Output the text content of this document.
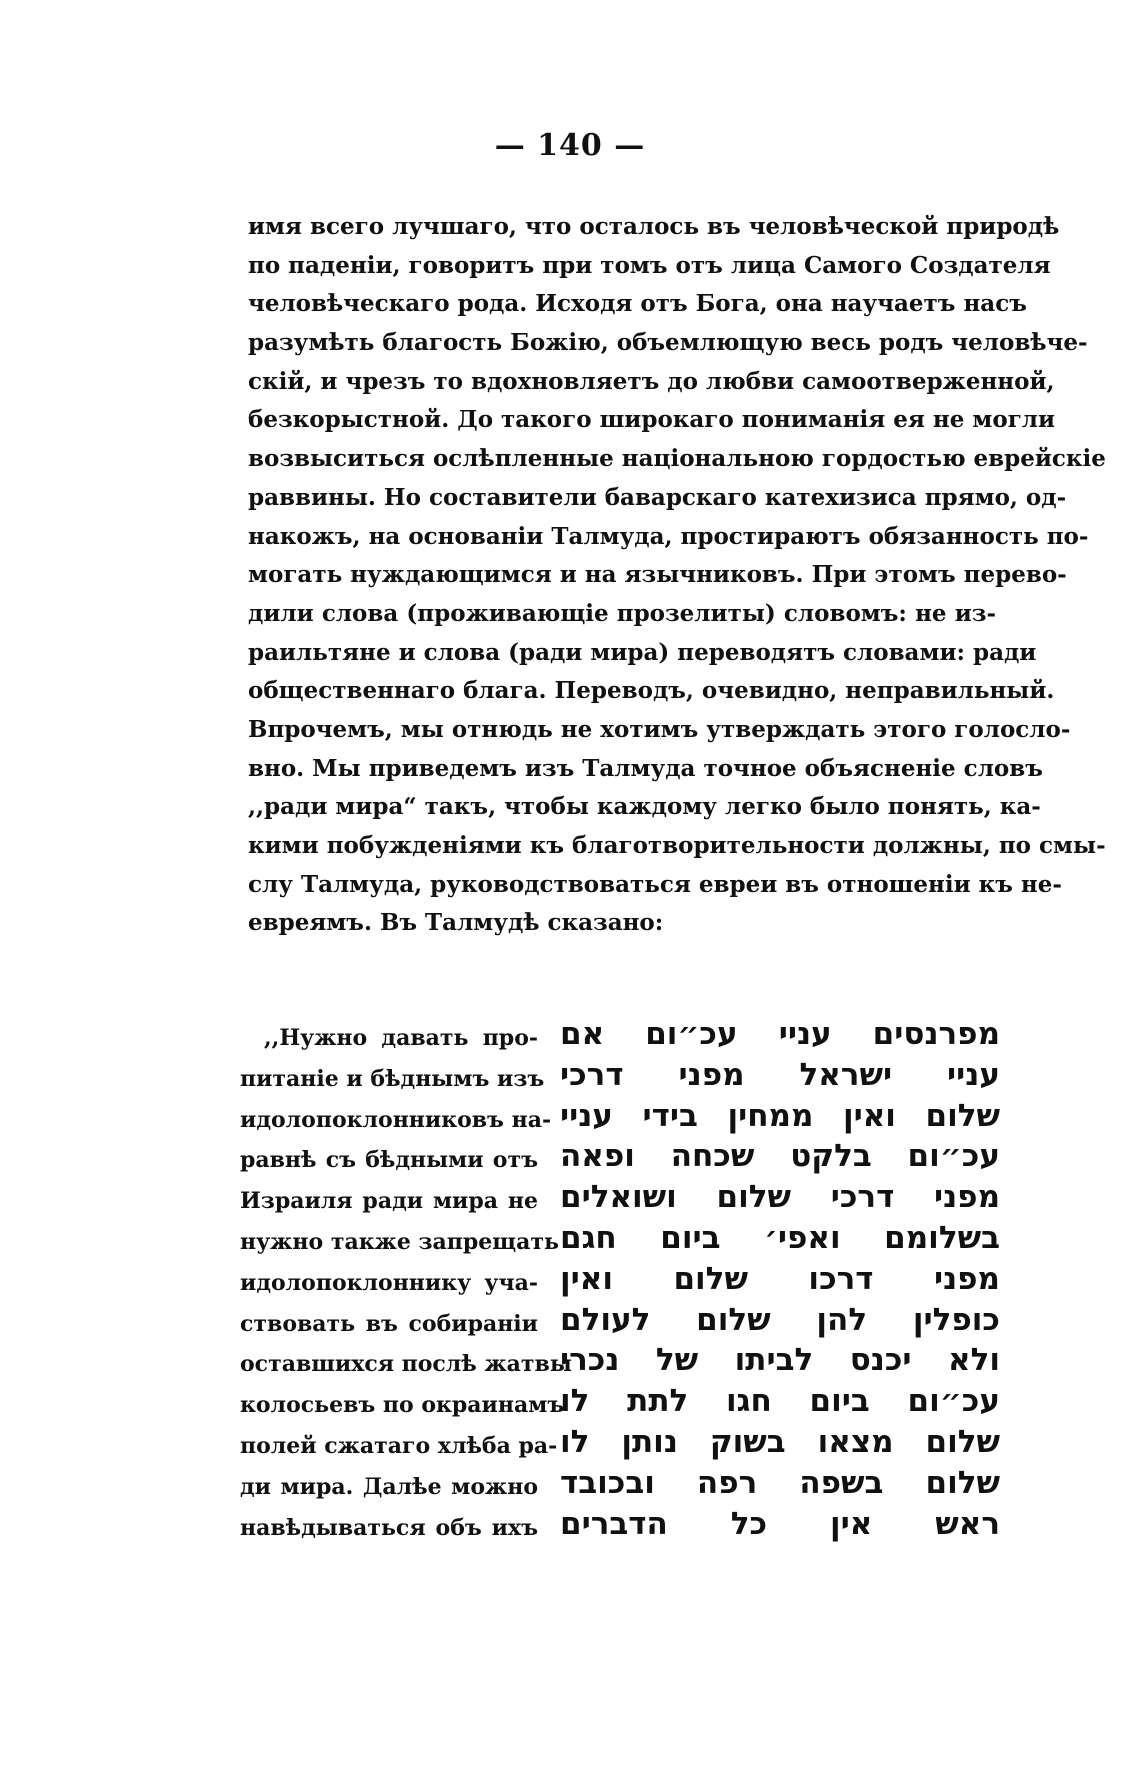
— 140 —
имя всего лучшаго, что осталось въ человѣческой природѣ
по паденіи, говоритъ при томъ отъ лица Самого Создателя
человѣческаго рода. Исходя отъ Бога, она научаетъ насъ
разумѣть благость Божію, объемлющую весь родъ человѣче-
скій, и чрезъ то вдохновляетъ до любви самоотверженной,
безкорыстной. До такого широкаго пониманія ея не могли
возвыситься ослѣпленные національною гордостью еврейскіе
раввины. Но составители баварскаго катехизиса прямо, од-
накожъ, на основаніи Талмуда, простираютъ обязанность по-
могать нуждающимся и на язычниковъ. При этомъ перево-
дили слова (проживающіе прозелиты) словомъ: не из-
раильтяне и слова (ради мира) переводятъ словами: ради
общественнаго блага. Переводъ, очевидно, неправильный.
Впрочемъ, мы отнюдь не хотимъ утверждать этого голосло-
вно. Мы приведемъ изъ Талмуда точное объясненіе словъ
,,ради мира“ такъ, чтобы каждому легко было понять, ка-
кими побужденіями къ благотворительности должны, по смы-
слу Талмуда, руководствоваться евреи въ отношеніи къ не-
евреямъ. Въ Талмудѣ сказано:
,,Нужно давать про-
питаніе и бѣднымъ изъ
идолопоклонниковъ на-
равнѣ съ бѣдными отъ
Израиля ради мира не
нужно также запрещать
идолопоклоннику уча-
ствовать въ собираніи
оставшихся послѣ жатвы
колосьевъ по окраинамъ
полей сжатаго хлѣба ра-
ди мира. Далѣе можно
навѣдываться объ ихъ
מפרנסים עניי עכ״ום אם
עניי ישראל מפני דרכי
שלום ואין ממחין בידי עניי
עכ״ום בלקט שכחה ופאה
מפני דרכי שלום ושואלים
בשלומם ואפי׳ ביום חגם
מפני דרכו שלום ואין
כופלין להן שלום לעולם
ולא יכנס לביתו של נכרי
עכ״ום ביום חגו לתת לו
שלום מצאו בשוק נותן לו
שלום בשפה רפה ובכובד
ראש אין כל הדברים
